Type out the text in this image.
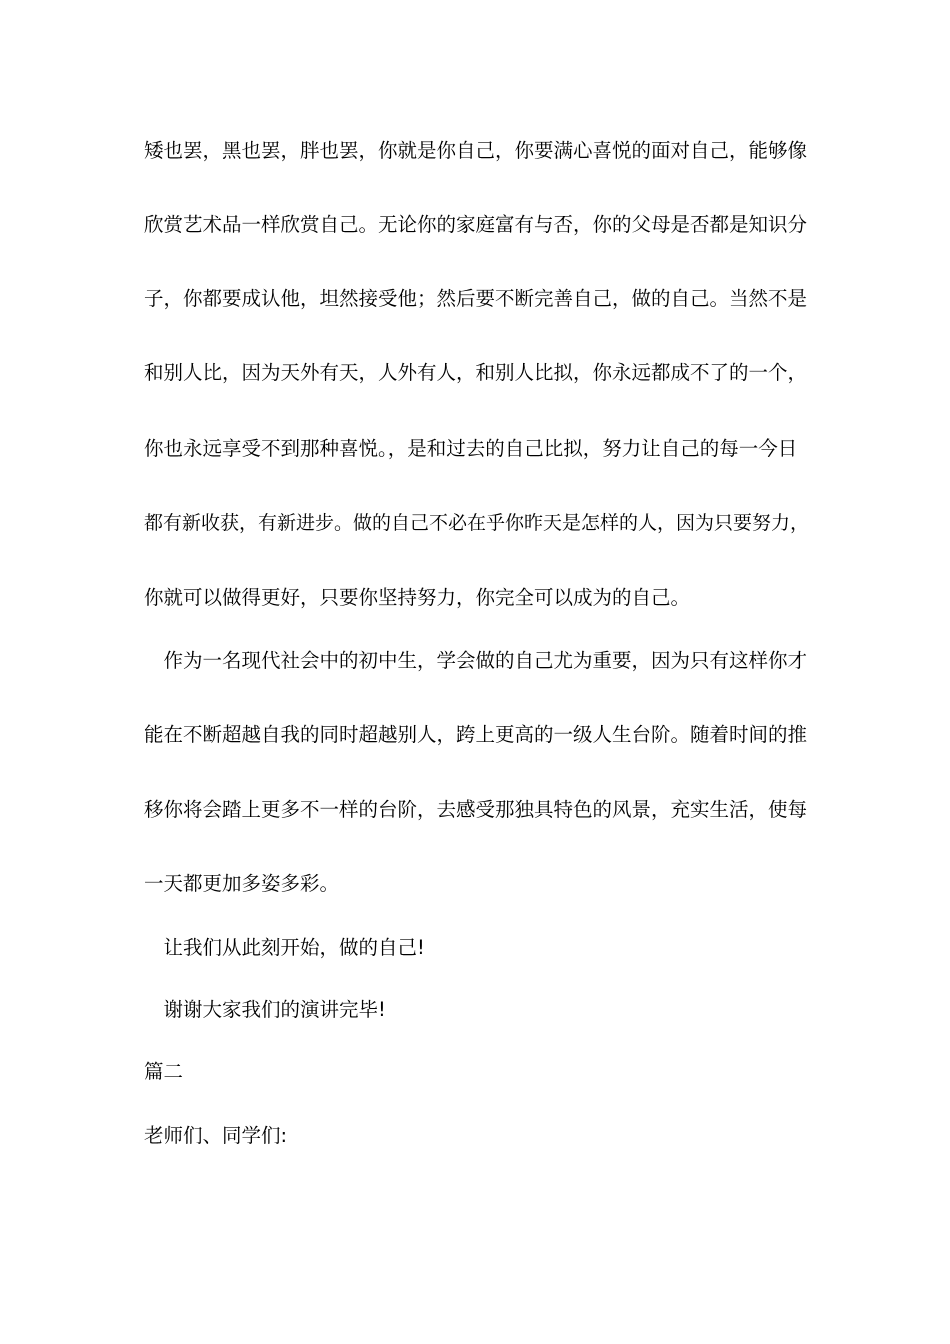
矮也罢，黑也罢，胖也罢，你就是你自己，你要满心喜悦的面对自己，能够像
欣赏艺术品一样欣赏自己。无论你的家庭富有与否，你的父母是否都是知识分
子，你都要成认他，坦然接受他；然后要不断完善自己，做的自己。当然不是
和别人比，因为天外有天，人外有人，和别人比拟，你永远都成不了的一个，
你也永远享受不到那种喜悦。，是和过去的自己比拟，努力让自己的每一今日
都有新收获，有新进步。做的自己不必在乎你昨天是怎样的人，因为只要努力，
你就可以做得更好，只要你坚持努力，你完全可以成为的自己。
　作为一名现代社会中的初中生，学会做的自己尤为重要，因为只有这样你才
能在不断超越自我的同时超越别人，跨上更高的一级人生台阶。随着时间的推
移你将会踏上更多不一样的台阶，去感受那独具特色的风景，充实生活，使每
一天都更加多姿多彩。
　让我们从此刻开始，做的自己!
　谢谢大家我们的演讲完毕!
篇二
老师们、同学们:
